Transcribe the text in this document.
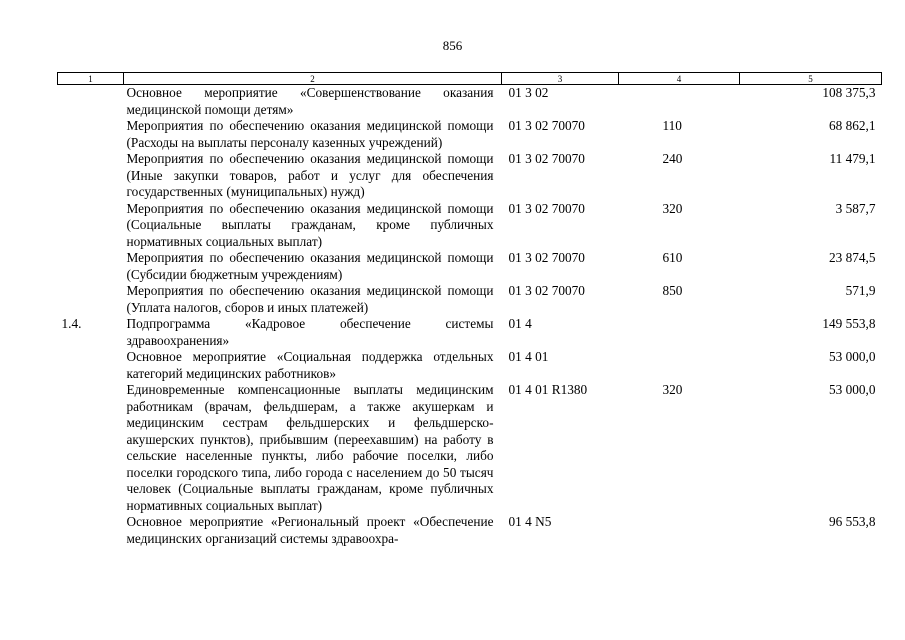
856
1	2	3	4	5
	Основное мероприятие «Совершенствование оказания медицинской помощи детям»	01 3 02		108 375,3
	Мероприятия по обеспечению оказания медицинской помощи (Расходы на выплаты персоналу казенных учреждений)	01 3 02 70070	110	68 862,1
	Мероприятия по обеспечению оказания медицинской помощи (Иные закупки товаров, работ и услуг для обеспечения государственных (муниципальных) нужд)	01 3 02 70070	240	11 479,1
	Мероприятия по обеспечению оказания медицинской помощи (Социальные выплаты гражданам, кроме публичных нормативных социальных выплат)	01 3 02 70070	320	3 587,7
	Мероприятия по обеспечению оказания медицинской помощи (Субсидии бюджетным учреждениям)	01 3 02 70070	610	23 874,5
	Мероприятия по обеспечению оказания медицинской помощи (Уплата налогов, сборов и иных платежей)	01 3 02 70070	850	571,9
1.4.	Подпрограмма «Кадровое обеспечение системы здравоохранения»	01 4		149 553,8
	Основное мероприятие «Социальная поддержка отдельных категорий медицинских работников»	01 4 01		53 000,0
	Единовременные компенсационные выплаты медицинским работникам (врачам, фельдшерам, а также акушеркам и медицинским сестрам фельдшерских и фельдшерско-акушерских пунктов), прибывшим (переехавшим) на работу в сельские населенные пункты, либо рабочие поселки, либо поселки городского типа, либо города с населением до 50 тысяч человек (Социальные выплаты гражданам, кроме публичных нормативных социальных выплат)	01 4 01 R1380	320	53 000,0
	Основное мероприятие «Региональный проект «Обеспечение медицинских организаций системы здравоохра-	01 4 N5		96 553,8
